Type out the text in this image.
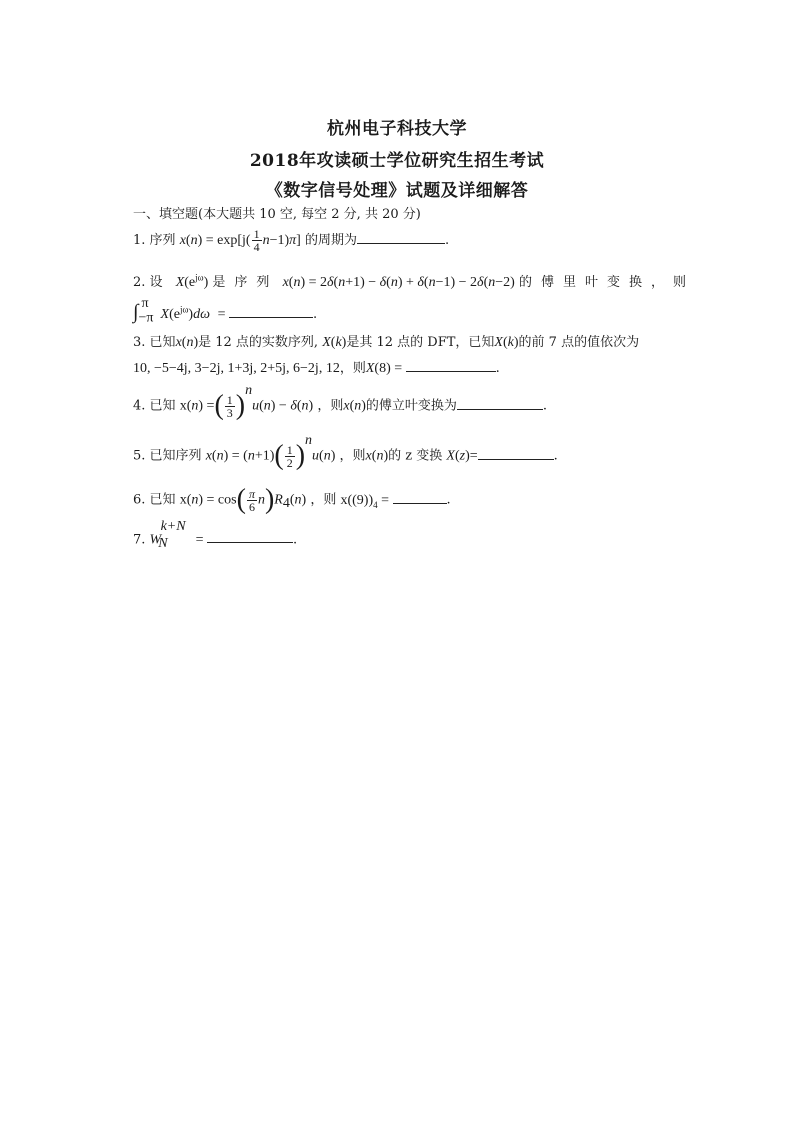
杭州电子科技大学
2018年攻读硕士学位研究生招生考试
《数字信号处理》试题及详细解答
一、填空题(本大题共 10 空, 每空 2 分, 共 20 分)
1. 序列 $x(n) = \exp[j( \frac{1}{4} n-1)\pi]$ 的周期为	.
2. 设 $X(e^{j\omega})$ 是序列 x(n) = 2δ(n+1) − δ(n) + δ(n−1) − 2δ(n−2) 的傅里叶变换，则
$\int_{-\pi}^\pi X(e^{j\omega})d\omega$  =	.
3. 已知x(n)是 12 点的实数序列, X(k)是其 12 点的 DFT，已知X(k)的前 7 点的值依次为
10, −5−4j, 3−2j, 1+3j, 2+5j, 6−2j, 12，则X(8) =	.
4. 已知 x(n) =( $\frac{1}{3} )^nu(n) - \delta(n)$ ，则x(n)的傅立叶变换为	.
5. 已知序列 $x(n) = (n+1)( \frac{1}{2} )^nu(n)$ ，则x(n)的 z 变换 X(z)=	.
6. 已知 $x(n) = \cos( \frac{\pi}{6} n)R_4(n)$ ，则 $x((9))_4$ =	.
7. $W_N^{k+N}=$	.
